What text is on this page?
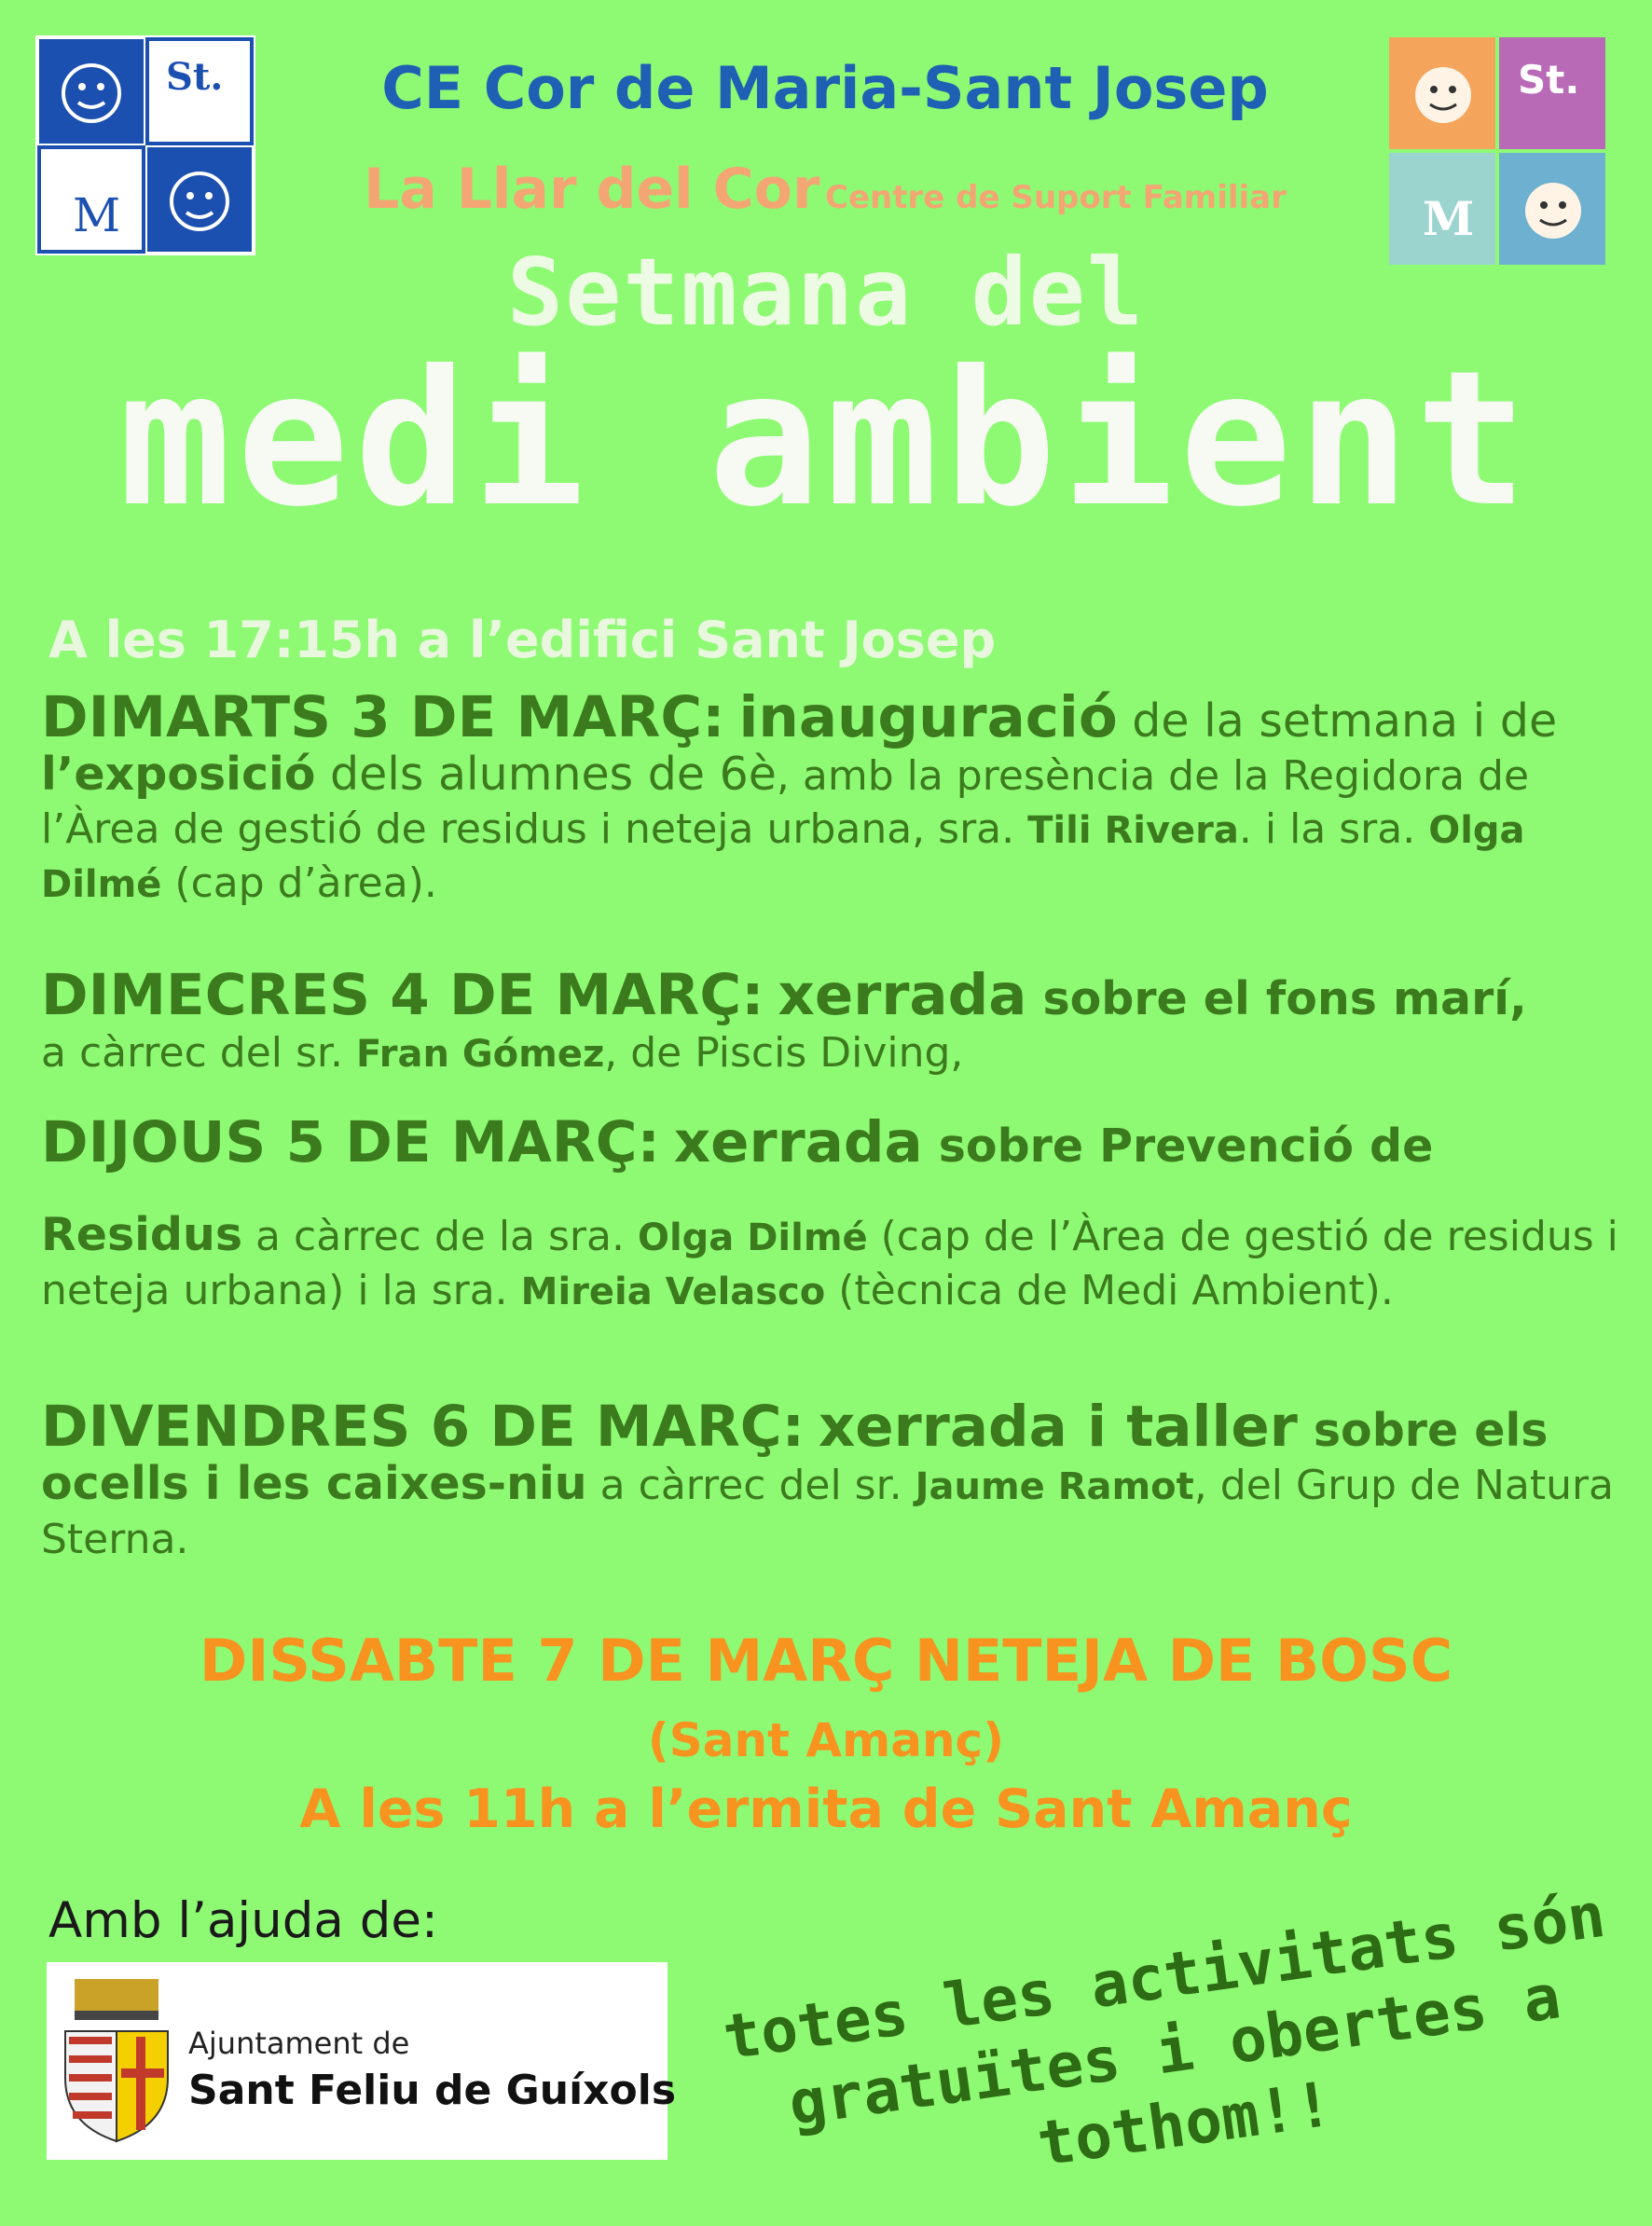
St.
M
St.
M
CE Cor de Maria-Sant Josep
La Llar del Cor Centre de Suport Familiar
Setmana del
medi ambient
A les 17:15h a l’edifici Sant Josep
DIMARTS 3 DE MARÇ: inauguració de la setmana i de l’exposició dels alumnes de 6è, amb la presència de la Regidora de l’Àrea de gestió de residus i neteja urbana, sra. Tili Rivera. i la sra. Olga Dilmé (cap d’àrea).
DIMECRES 4 DE MARÇ: xerrada sobre el fons marí,
a càrrec del sr. Fran Gómez, de Piscis Diving,
DIJOUS 5 DE MARÇ: xerrada sobre Prevenció de
Residus a càrrec de la sra. Olga Dilmé (cap de l’Àrea de gestió de residus i neteja urbana) i la sra. Mireia Velasco (tècnica de Medi Ambient).
DIVENDRES 6 DE MARÇ: xerrada i taller sobre els ocells i les caixes-niu a càrrec del sr. Jaume Ramot, del Grup de Natura Sterna.
DISSABTE 7 DE MARÇ NETEJA DE BOSC
(Sant Amanç)
A les 11h a l’ermita de Sant Amanç
Amb l’ajuda de:
Ajuntament de
Sant Feliu de Guíxols
totes les activitats són gratuïtes i obertes a tothom!!
